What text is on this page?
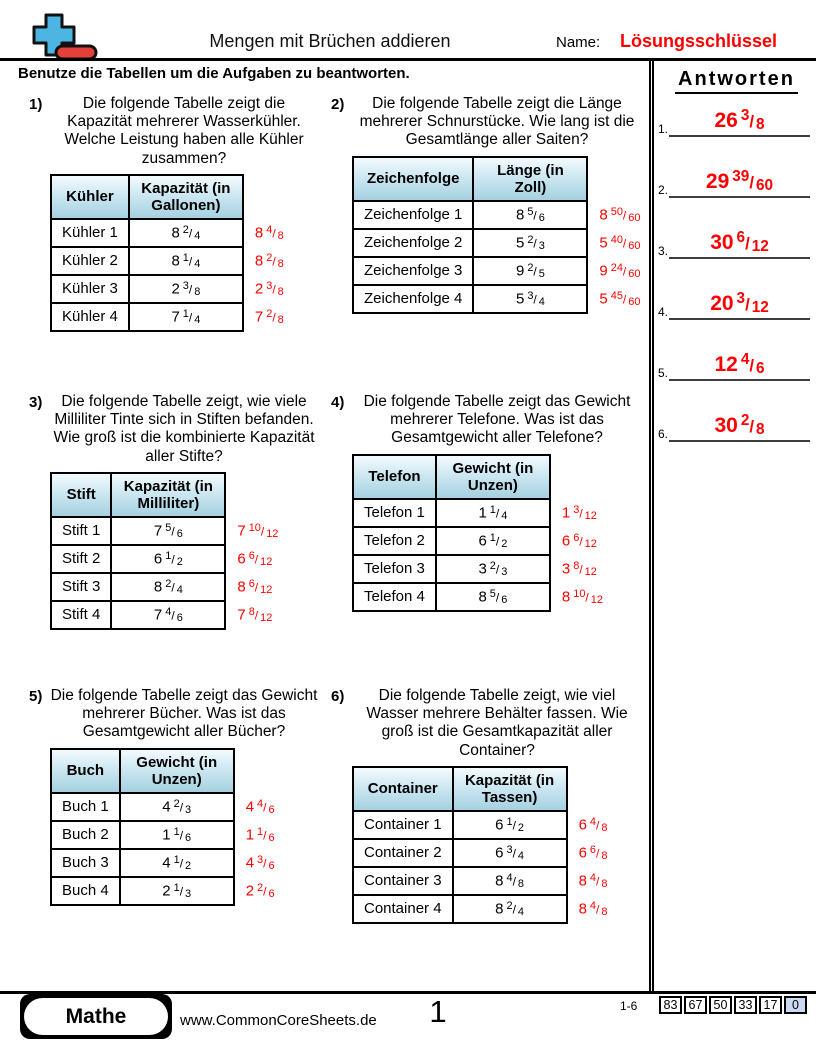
Mengen mit Brüchen addieren	Name: Lösungsschlüssel
Benutze die Tabellen um die Aufgaben zu beantworten.
1)	Die folgende Tabelle zeigt die Kapazität mehrerer Wasserkühler. Welche Leistung haben alle Kühler zusammen?
Kühler	Kapazität (in Gallonen)	
Kühler 1	8 $^2$/ 4	8 $^4$/ 8
Kühler 2	8 $^1$/ 4	8 $^2$/ 8
Kühler 3	2 $^3$/ 8	2 $^3$/ 8
Kühler 4	7 $^1$/ 4	7 $^2$/ 8
2)	Die folgende Tabelle zeigt die Länge mehrerer Schnurstücke. Wie lang ist die Gesamtlänge aller Saiten?
Zeichenfolge	Länge (in Zoll)	
Zeichenfolge 1	8 $^5$/ 6	8 $^{50}$/ 60
Zeichenfolge 2	5 $^2$/ 3	5 $^{40}$/ 60
Zeichenfolge 3	9 $^2$/ 5	9 $^{24}$/ 60
Zeichenfolge 4	5 $^3$/ 4	5 $^{45}$/ 60
3)	Die folgende Tabelle zeigt, wie viele Milliliter Tinte sich in Stiften befanden. Wie groß ist die kombinierte Kapazität aller Stifte?
Stift	Kapazität (in Milliliter)	
Stift 1	7 $^5$/ 6	7 $^{10}$/ 12
Stift 2	6 $^1$/ 2	6 $^6$/ 12
Stift 3	8 $^2$/ 4	8 $^6$/ 12
Stift 4	7 $^4$/ 6	7 $^8$/ 12
4)	Die folgende Tabelle zeigt das Gewicht mehrerer Telefone. Was ist das Gesamtgewicht aller Telefone?
Telefon	Gewicht (in Unzen)	
Telefon 1	1 $^1$/ 4	1 $^3$/ 12
Telefon 2	6 $^1$/ 2	6 $^6$/ 12
Telefon 3	3 $^2$/ 3	3 $^8$/ 12
Telefon 4	8 $^5$/ 6	8 $^{10}$/ 12
5) Die folgende Tabelle zeigt das Gewicht mehrerer Bücher. Was ist das Gesamtgewicht aller Bücher?
Buch	Gewicht (in Unzen)	
Buch 1	4 $^2$/ 3	4 $^4$/ 6
Buch 2	1 $^1$/ 6	1 $^1$/ 6
Buch 3	4 $^1$/ 2	4 $^3$/ 6
Buch 4	2 $^1$/ 3	2 $^2$/ 6
6)	Die folgende Tabelle zeigt, wie viel Wasser mehrere Behälter fassen. Wie groß ist die Gesamtkapazität aller Container?
Container	Kapazität (in Tassen)	
Container 1	6 $^1$/ 2	6 $^4$/ 8
Container 2	6 $^3$/ 4	6 $^6$/ 8
Container 3	8 $^4$/ 8	8 $^4$/ 8
Container 4	8 $^2$/ 4	8 $^4$/ 8
Antworten
1.	26 $^3$/ 8
2.	29 $^{39}$/ 60
3.	30 $^6$/ 12
4.	20 $^3$/ 12
5.	12 $^4$/ 6
6.	30 $^2$/ 8
Mathe	www.CommonCoreSheets.de	1	1-6	83 67 50 33 17	0
